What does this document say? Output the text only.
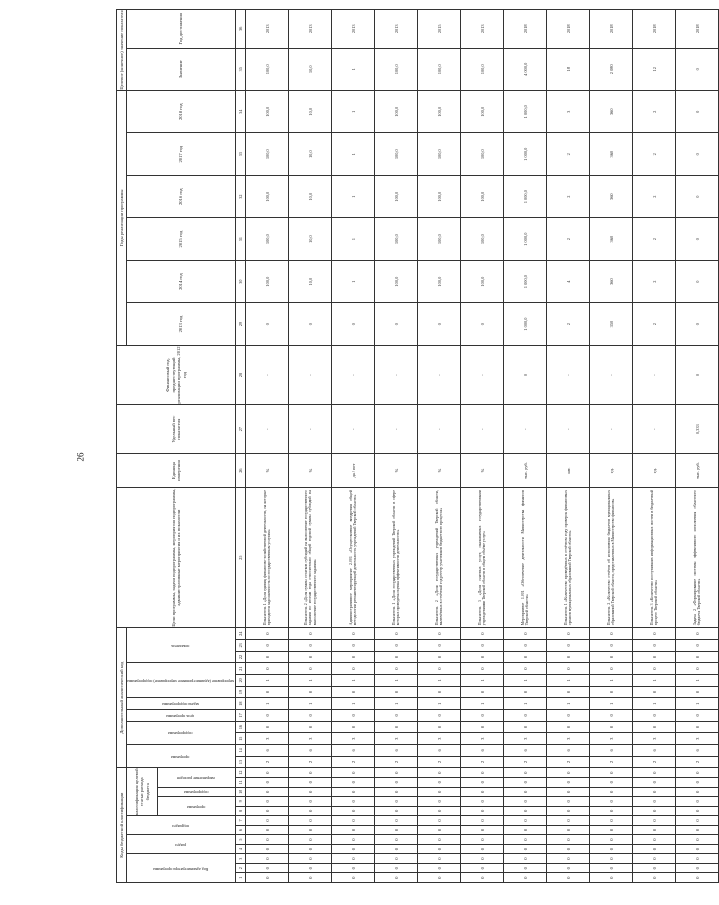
26
Коды бюджетной классификации												Дополнительный аналитический код												Цели программы, задачи подпрограммы, мероприятия подпрограммы, административные мероприятия и их показатели	Единица измерения	Удельный вес показателя	Финансовый год, предшествующий реализации программы, 2012 год	Годы реализации программы						Целевое (конечное) значение показателя	
Код администратора программы			раздел		подраздел		классификация целевой статьи расхода бюджета					программа		подпрограмма		цель программы	задача подпрограммы	мероприятие (административное мероприятие) подпрограммы			показатель							2013 год	2014 год	2015 год	2016 год	2017 год	2018 год	Значение	Год достижения
							программа		подпрограмма	направление расходов																									
1	2	3	4	5	6	7	8	9	10	11	12	13	14	15	16	17	18	19	20	21	22	23	24	25	26	27	28	29	30	31	32	33	34	35	36
0	0	0	0	0	0	0	0	0	0	0	0	2	6	3	0	0	1	0	1	0	0	0	0	Показатель 1 «Доля единиц финансово-хозяйственной деятельности, на которые приходится задолженность по государственным услугам»	%	-	-	0	100,0	100,0	100,0	100,0	100,0	100,0	2013
0	0	0	0	0	0	0	0	0	0	0	0	2	6	3	0	0	1	0	1	0	0	0	0	Показатель 2 «Доля суммы остатков субсидий на выполнение государственного задания по итогам года относительно общей годовой суммы субсидий на выполнение государственного задания»	%	-	-	0	10,0	10,0	10,0	10,0	10,0	10,0	2013
0	0	0	0	0	0	0	0	0	0	0	0	2	6	3	0	0	1	0	1	0	0	0	0	Административное мероприятие 2.001 «Осуществление внедрения общей методологии регламентирующей деятельность учреждений Тверской области»	да / нет	-	-	0	1	1	1	1	1	1	2013
0	0	0	0	0	0	0	0	0	0	0	0	2	6	3	0	0	1	0	1	0	0	0	0	Показатель 1 «Доля государственных учреждений Тверской области в сфере которых проведена оценка эффективности деятельности»	%	-	-	0	100,0	100,0	100,0	100,0	100,0	100,0	2013
0	0	0	0	0	0	0	0	0	0	0	0	2	6	3	0	0	1	0	1	0	0	0	0	Показатель 2 «Доля государственных учреждений Тверской области, включённых в отчётный год реестр участников бюджетного процесса»	%	-	-	0	100,0	100,0	100,0	100,0	100,0	100,0	2015
0	0	0	0	0	0	0	0	0	0	0	0	2	6	3	0	0	1	0	1	0	0	0	0	Показатель 3 «Доля платных услуг, оказываемых государственными учреждениями Тверской области в общем объёме услуг»	%	-	-	0	100,0	100,0	100,0	100,0	100,0	100,0	2013
0	0	0	0	0	0	0	0	0	0	0	0	2	6	3	0	0	1	0	1	0	0	0	0	Мероприятие 1.001 «Обеспечение деятельности Министерства финансов Тверской области»	тыс. руб.	-	0	1 000,0	1 000,0	1 000,0	1 000,0	1 000,0	1 000,0	4 000,0	2018
0	0	0	0	0	0	0	0	0	0	0	0	2	6	3	0	0	1	0	1	0	0	0	0	Показатель 1 «Количество проведённых в отчётном году проверок финансовых органов муниципальных образований Тверской области»	шт.	-	-	2	4	2	2	2	3	18	2018
0	0	0	0	0	0	0	0	0	0	0	0	2	6	3	0	0	1	0	1	0	0	0	0	Показатель 2 «Количество отчётов об исполнении бюджетов муниципальных образований Тверской области, представленных в Министерство финансов»	ед.	-	-	350	360	360	360	360	360	2 080	2018
0	0	0	0	0	0	0	0	0	0	0	0	2	6	3	0	0	1	0	1	0	0	0	0	Показатель 3 «Количество поступивших информационных систем в бюджетный процесс Тверской области»	ед.	-	-	2	2	2	2	2	2	12	2018
0	0	0	0	0	0	0	0	0	0	0	0	2	6	3	0	0	1	0	1	0	0	0	0	Задача 2 «Формирование системы эффективного исполнения областного бюджета Тверской области»	тыс. руб.	0,333	0	0	0	0	0	0	0	0	2018
